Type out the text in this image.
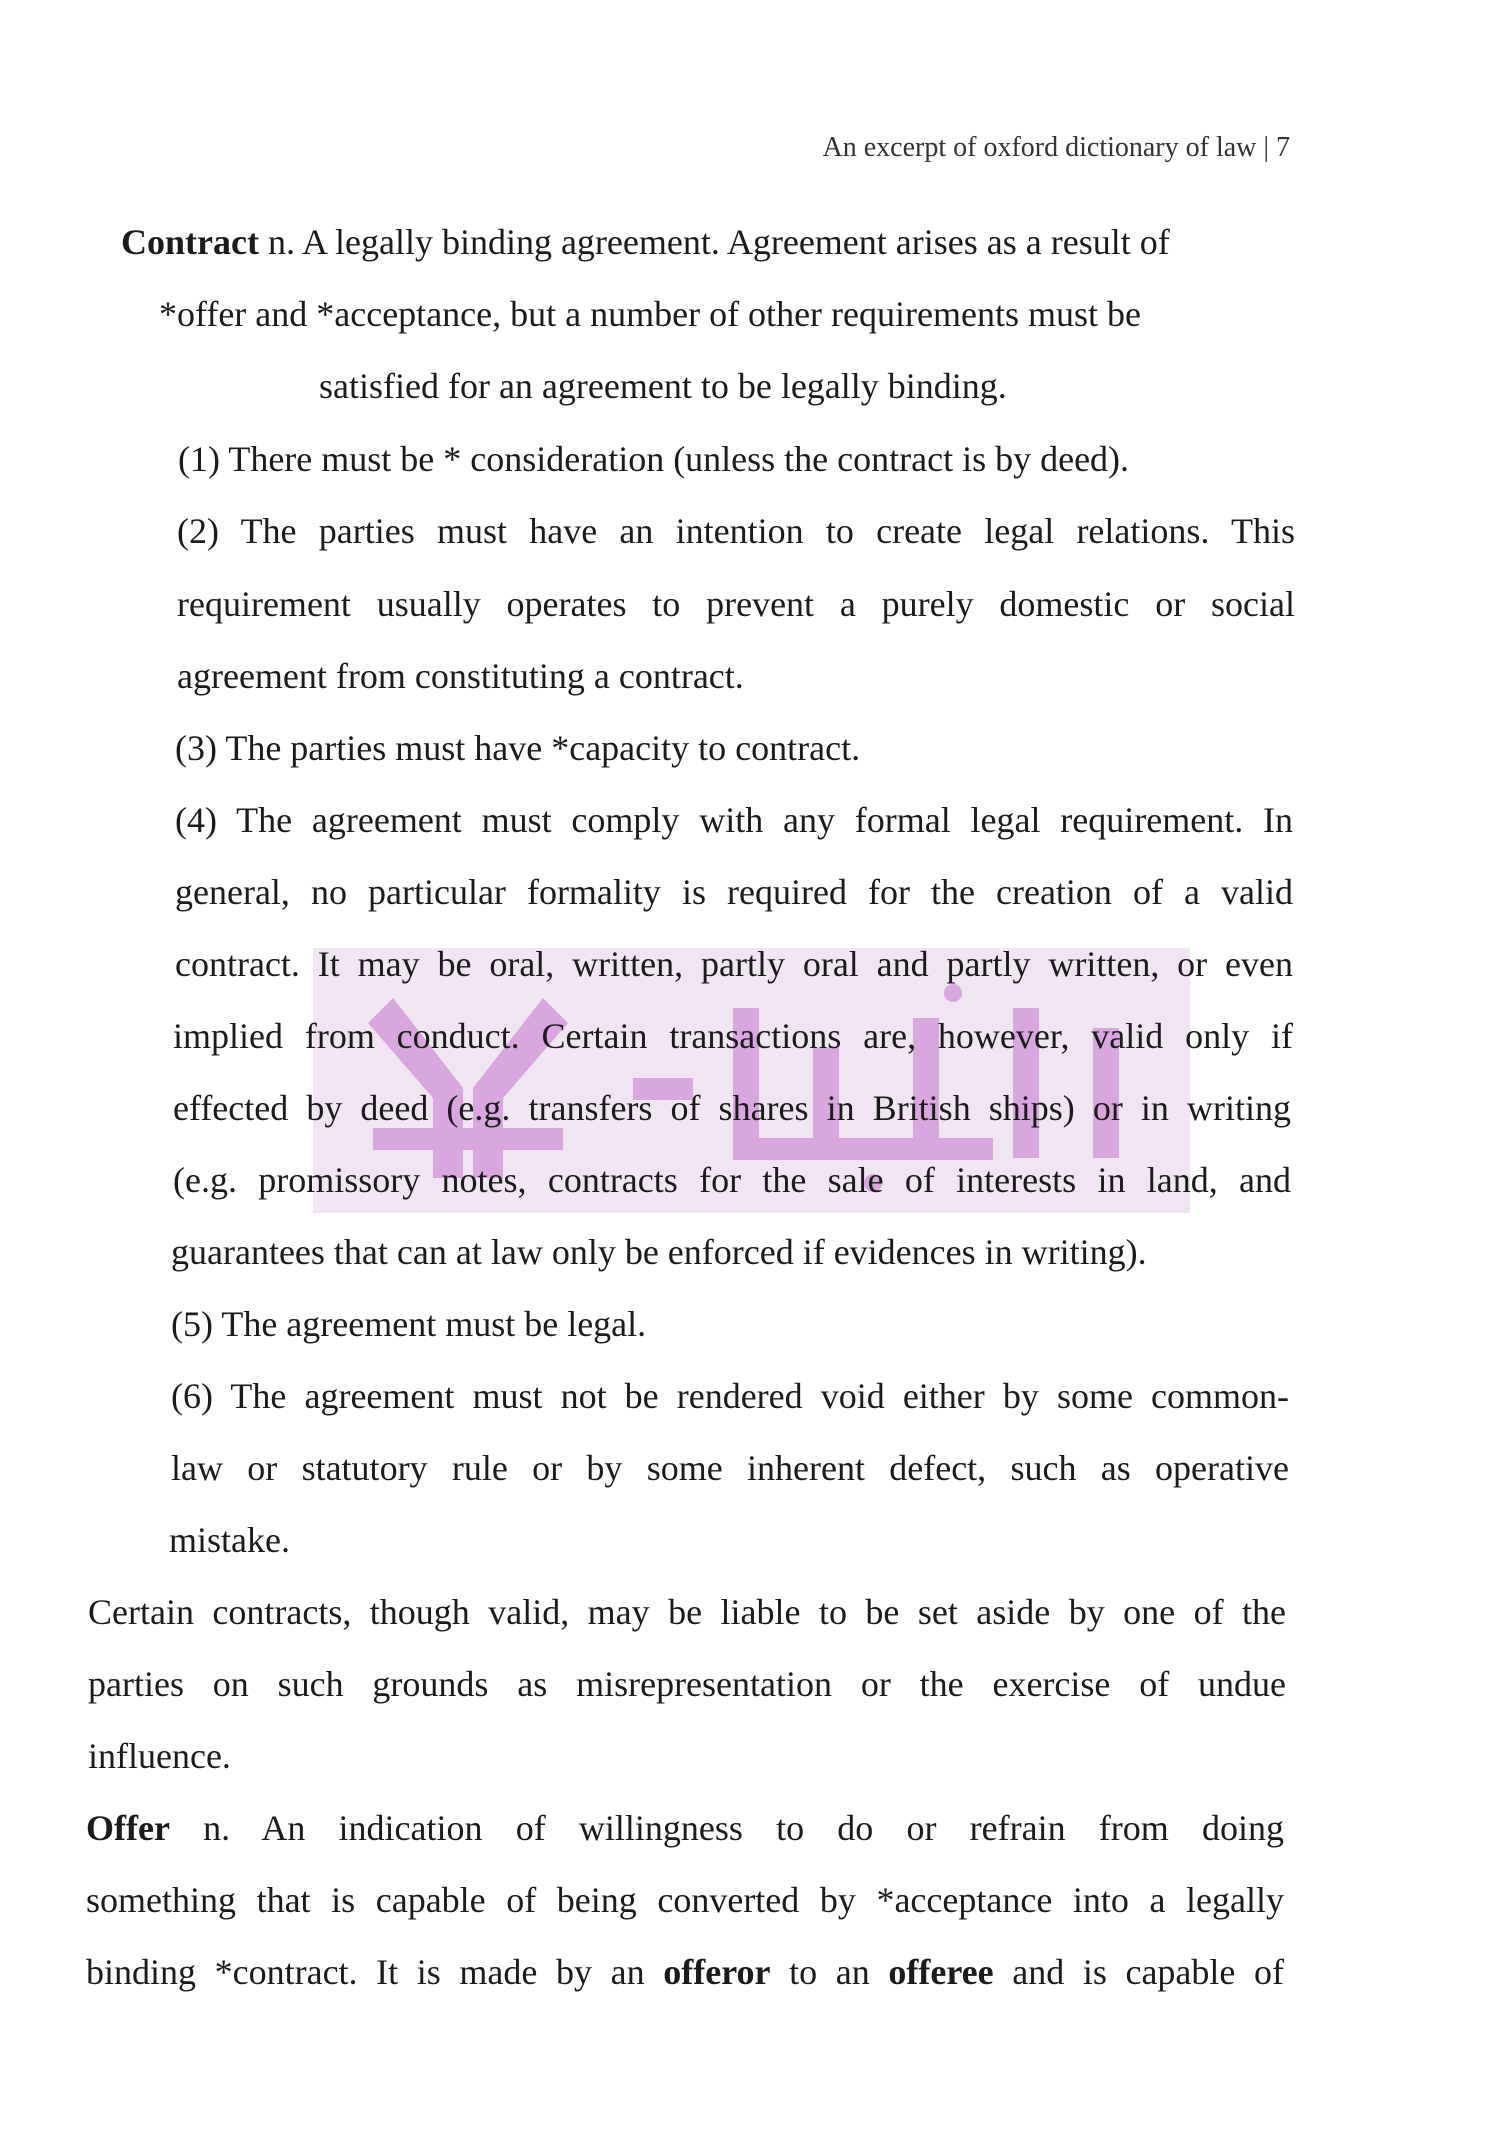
An excerpt of oxford dictionary of law | 7
Contract n. A legally binding agreement. Agreement arises as a result of
*offer and *acceptance, but a number of other requirements must be
satisfied for an agreement to be legally binding.
(1) There must be * consideration (unless the contract is by deed).
(2) The parties must have an intention to create legal relations. This
requirement usually operates to prevent a purely domestic or social
agreement from constituting a contract.
(3) The parties must have *capacity to contract.
(4) The agreement must comply with any formal legal requirement. In
general, no particular formality is required for the creation of a valid
contract. It may be oral, written, partly oral and partly written, or even
implied from conduct. Certain transactions are, however, valid only if
effected by deed (e.g. transfers of shares in British ships) or in writing
(e.g. promissory notes, contracts for the sale of interests in land, and
guarantees that can at law only be enforced if evidences in writing).
(5) The agreement must be legal.
(6) The agreement must not be rendered void either by some common-
law or statutory rule or by some inherent defect, such as operative
mistake.
Certain contracts, though valid, may be liable to be set aside by one of the
parties on such grounds as misrepresentation or the exercise of undue
influence.
Offer n. An indication of willingness to do or refrain from doing
something that is capable of being converted by *acceptance into a legally
binding *contract. It is made by an offeror to an offeree and is capable of
